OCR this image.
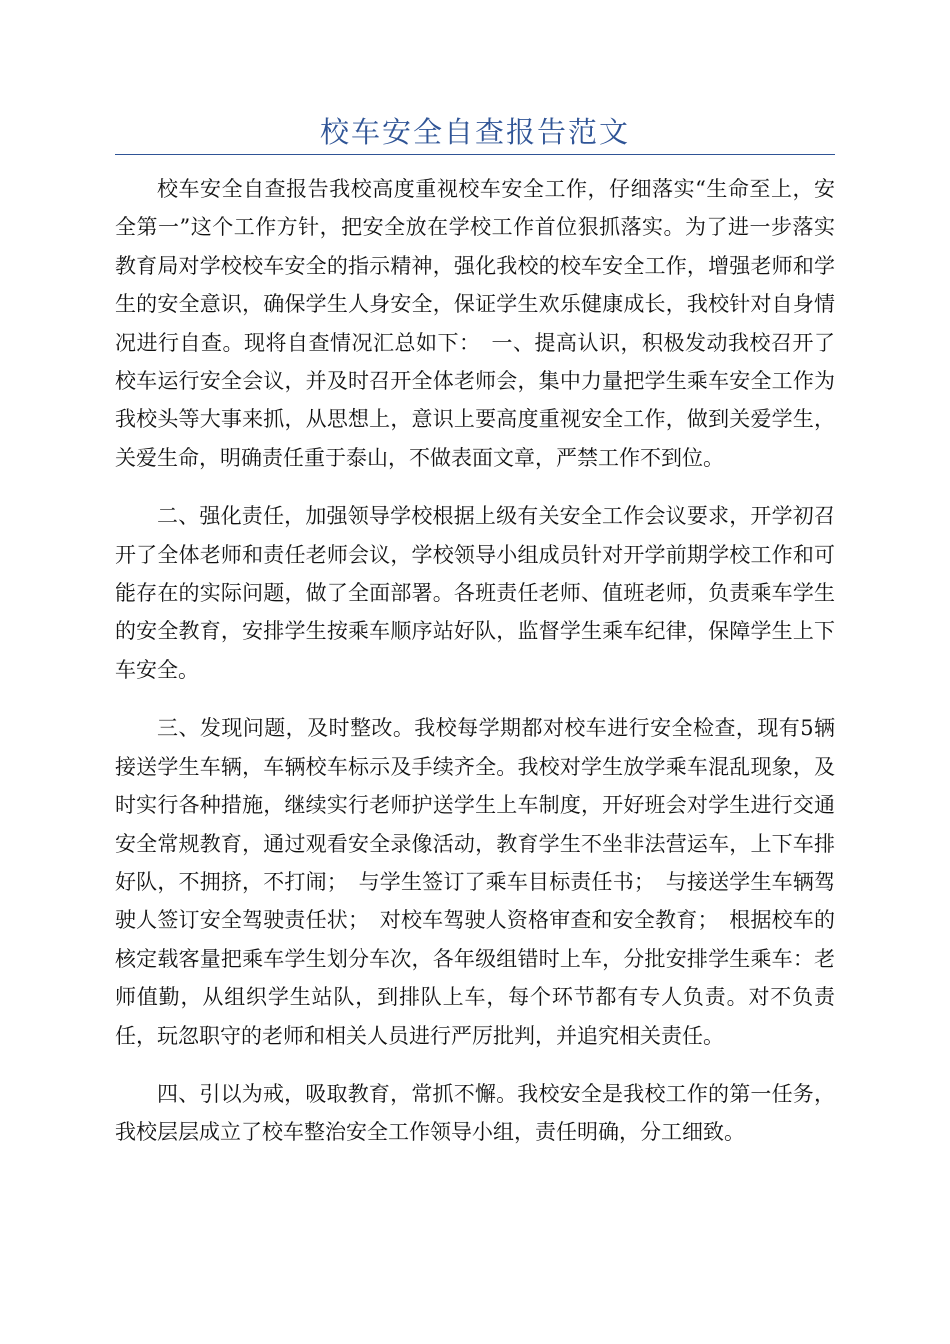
校车安全自查报告范文

校车安全自查报告我校高度重视校车安全工作，仔细落实“生命至上，安全第一”这个工作方针，把安全放在学校工作首位狠抓落实。为了进一步落实教育局对学校校车安全的指示精神，强化我校的校车安全工作，增强老师和学生的安全意识，确保学生人身安全，保证学生欢乐健康成长，我校针对自身情况进行自查。现将自查情况汇总如下：　一、提高认识，积极发动我校召开了校车运行安全会议，并及时召开全体老师会，集中力量把学生乘车安全工作为我校头等大事来抓，从思想上，意识上要高度重视安全工作，做到关爱学生，关爱生命，明确责任重于泰山，不做表面文章，严禁工作不到位。

二、强化责任，加强领导学校根据上级有关安全工作会议要求，开学初召开了全体老师和责任老师会议，学校领导小组成员针对开学前期学校工作和可能存在的实际问题，做了全面部署。各班责任老师、值班老师，负责乘车学生的安全教育，安排学生按乘车顺序站好队，监督学生乘车纪律，保障学生上下车安全。

三、发现问题，及时整改。我校每学期都对校车进行安全检查，现有5辆接送学生车辆，车辆校车标示及手续齐全。我校对学生放学乘车混乱现象，及时实行各种措施，继续实行老师护送学生上车制度，开好班会对学生进行交通安全常规教育，通过观看安全录像活动，教育学生不坐非法营运车，上下车排好队，不拥挤，不打闹；　与学生签订了乘车目标责任书；　与接送学生车辆驾驶人签订安全驾驶责任状；　对校车驾驶人资格审查和安全教育；　根据校车的核定载客量把乘车学生划分车次，各年级组错时上车，分批安排学生乘车：老师值勤，从组织学生站队，到排队上车，每个环节都有专人负责。对不负责任，玩忽职守的老师和相关人员进行严厉批判，并追究相关责任。

四、引以为戒，吸取教育，常抓不懈。我校安全是我校工作的第一任务，我校层层成立了校车整治安全工作领导小组，责任明确，分工细致。
